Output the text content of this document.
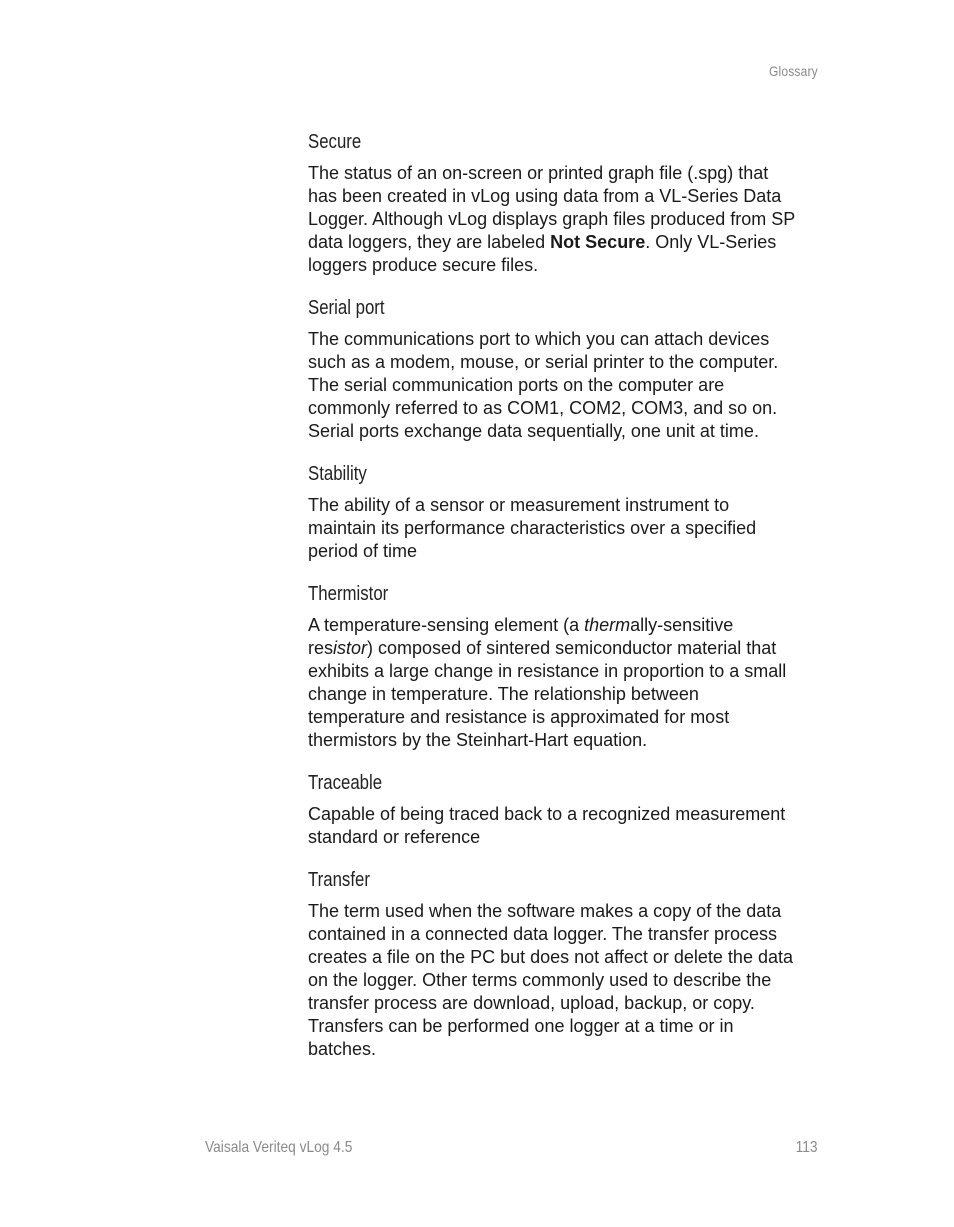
Glossary
Secure

The status of an on-screen or printed graph file (.spg) that
has been created in vLog using data from a VL-Series Data
Logger. Although vLog displays graph files produced from SP
data loggers, they are labeled Not Secure. Only VL-Series
loggers produce secure files.

Serial port

The communications port to which you can attach devices
such as a modem, mouse, or serial printer to the computer.
The serial communication ports on the computer are
commonly referred to as COM1, COM2, COM3, and so on.
Serial ports exchange data sequentially, one unit at time.

Stability

The ability of a sensor or measurement instrument to
maintain its performance characteristics over a specified
period of time

Thermistor

A temperature-sensing element (a thermally-sensitive
resistor) composed of sintered semiconductor material that
exhibits a large change in resistance in proportion to a small
change in temperature. The relationship between
temperature and resistance is approximated for most
thermistors by the Steinhart-Hart equation.

Traceable

Capable of being traced back to a recognized measurement
standard or reference

Transfer

The term used when the software makes a copy of the data
contained in a connected data logger. The transfer process
creates a file on the PC but does not affect or delete the data
on the logger. Other terms commonly used to describe the
transfer process are download, upload, backup, or copy.
Transfers can be performed one logger at a time or in
batches.

Vaisala Veriteq vLog 4.5	113
